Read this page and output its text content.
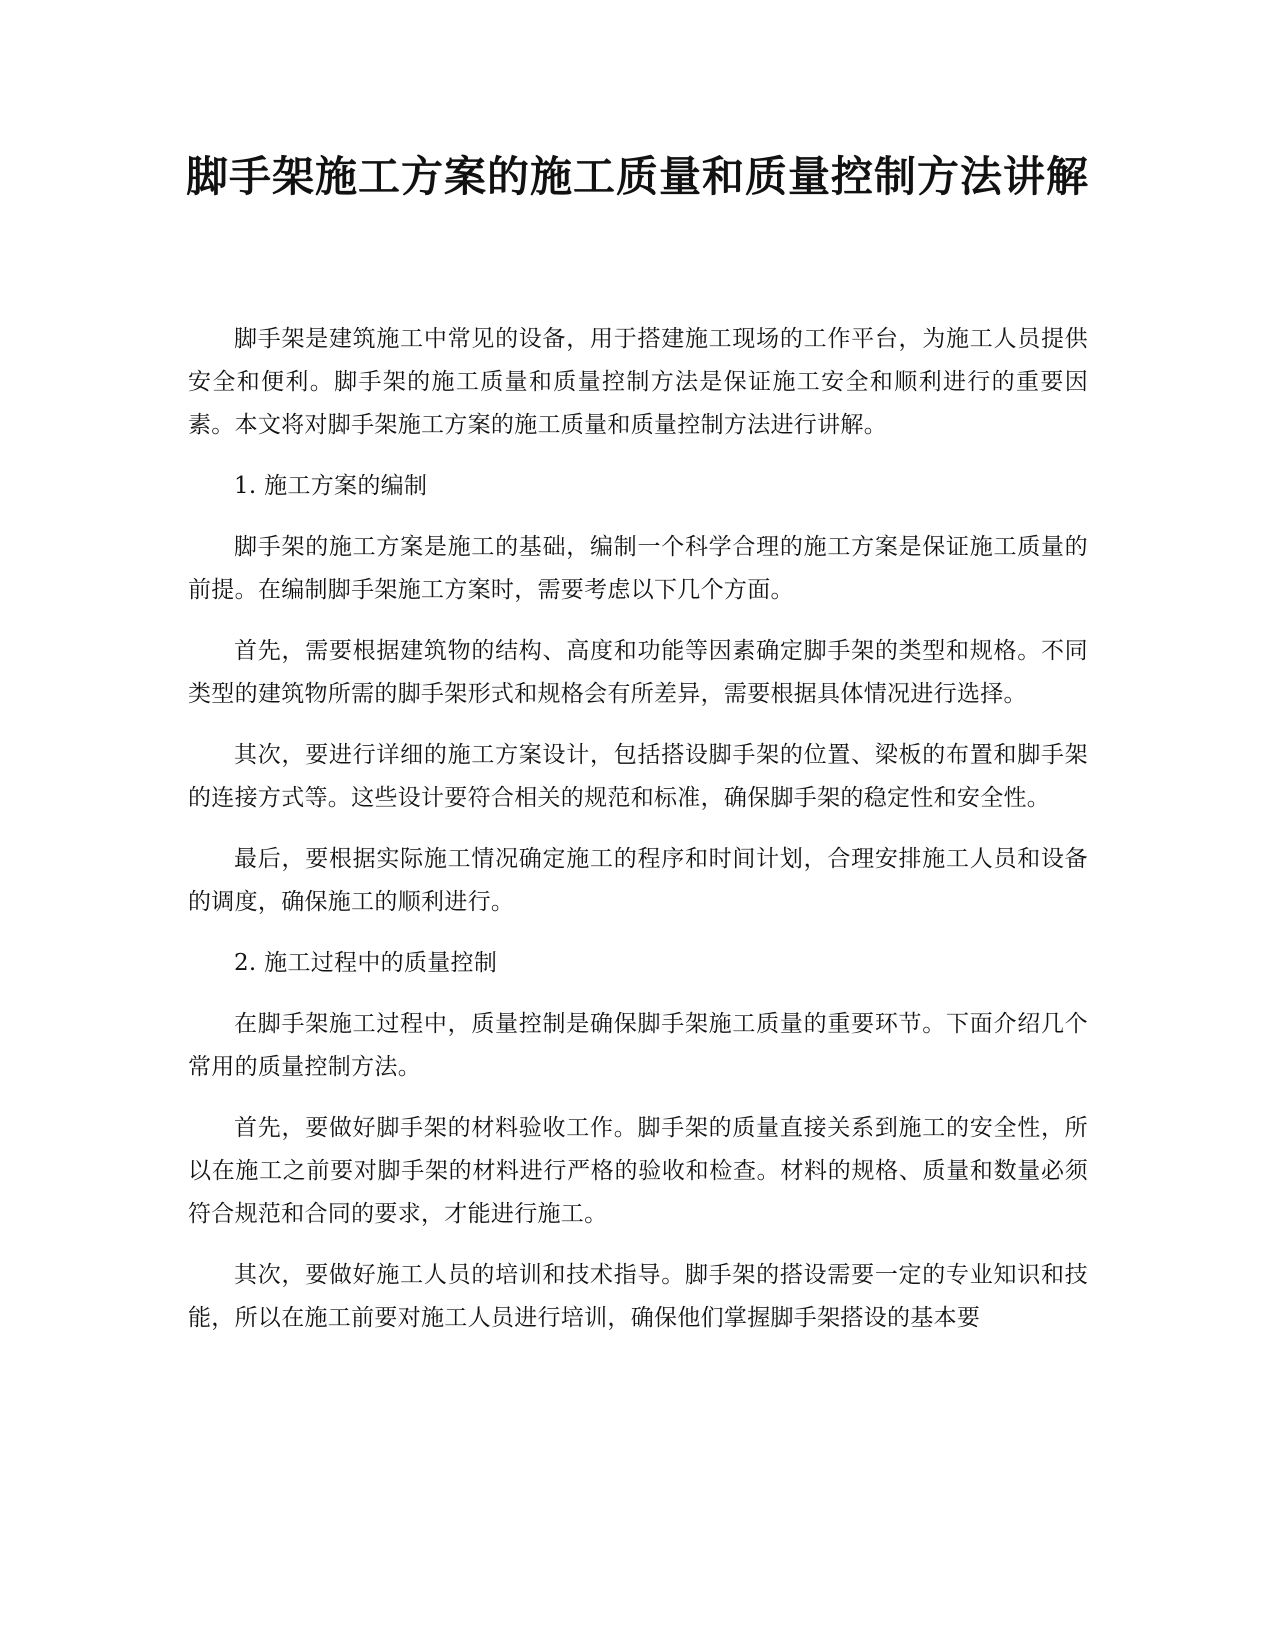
脚手架施工方案的施工质量和质量控制方法讲解

脚手架是建筑施工中常见的设备，用于搭建施工现场的工作平台，为施工人员提供安全和便利。脚手架的施工质量和质量控制方法是保证施工安全和顺利进行的重要因素。本文将对脚手架施工方案的施工质量和质量控制方法进行讲解。

1. 施工方案的编制

脚手架的施工方案是施工的基础，编制一个科学合理的施工方案是保证施工质量的前提。在编制脚手架施工方案时，需要考虑以下几个方面。

首先，需要根据建筑物的结构、高度和功能等因素确定脚手架的类型和规格。不同类型的建筑物所需的脚手架形式和规格会有所差异，需要根据具体情况进行选择。

其次，要进行详细的施工方案设计，包括搭设脚手架的位置、梁板的布置和脚手架的连接方式等。这些设计要符合相关的规范和标准，确保脚手架的稳定性和安全性。

最后，要根据实际施工情况确定施工的程序和时间计划，合理安排施工人员和设备的调度，确保施工的顺利进行。

2. 施工过程中的质量控制

在脚手架施工过程中，质量控制是确保脚手架施工质量的重要环节。下面介绍几个常用的质量控制方法。

首先，要做好脚手架的材料验收工作。脚手架的质量直接关系到施工的安全性，所以在施工之前要对脚手架的材料进行严格的验收和检查。材料的规格、质量和数量必须符合规范和合同的要求，才能进行施工。

其次，要做好施工人员的培训和技术指导。脚手架的搭设需要一定的专业知识和技能，所以在施工前要对施工人员进行培训，确保他们掌握脚手架搭设的基本要
